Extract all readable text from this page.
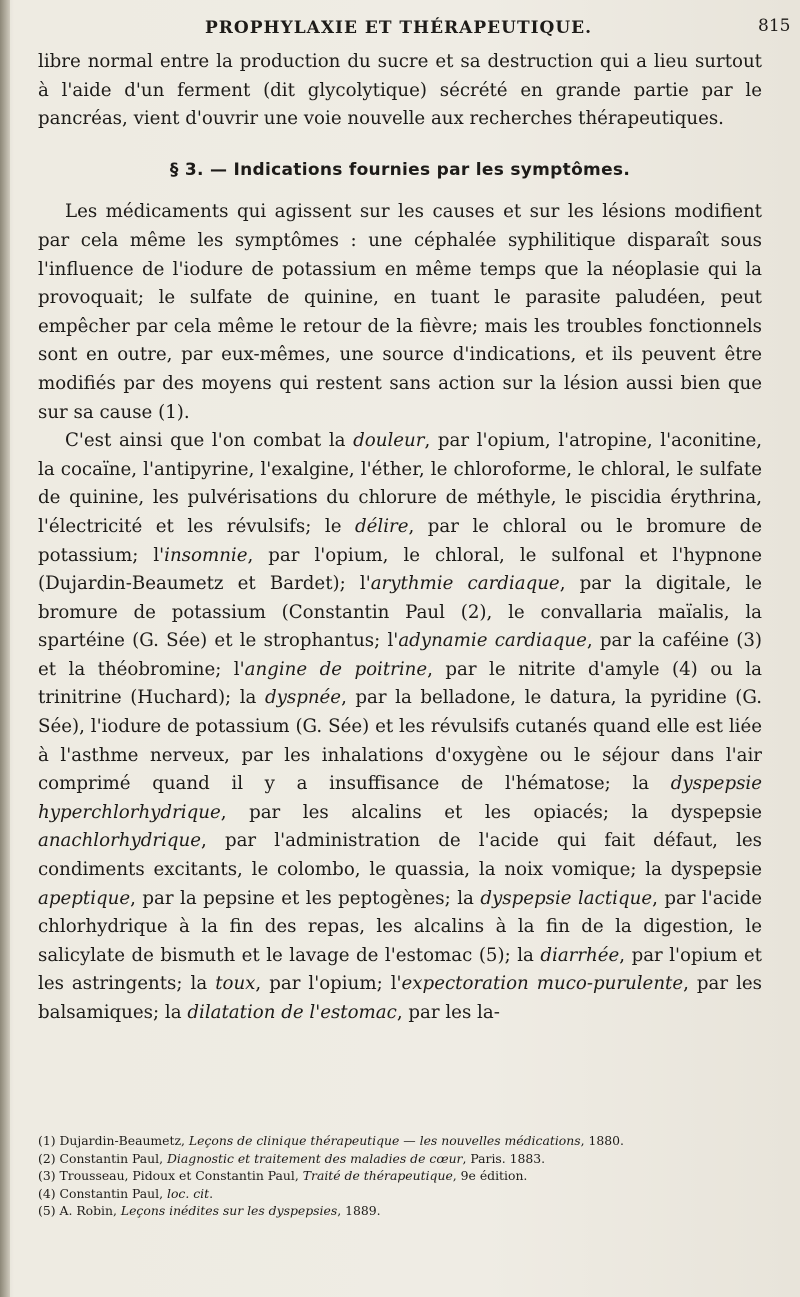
PROPHYLAXIE ET THÉRAPEUTIQUE.	815

libre normal entre la production du sucre et sa destruction qui a lieu surtout à l'aide d'un ferment (dit glycolytique) sécrété en grande partie par le pancréas, vient d'ouvrir une voie nouvelle aux recherches thérapeutiques.

§ 3. — Indications fournies par les symptômes.

Les médicaments qui agissent sur les causes et sur les lésions modifient par cela même les symptômes : une céphalée syphilitique disparaît sous l'influence de l'iodure de potassium en même temps que la néoplasie qui la provoquait; le sulfate de quinine, en tuant le parasite paludéen, peut empêcher par cela même le retour de la fièvre; mais les troubles fonctionnels sont en outre, par eux-mêmes, une source d'indications, et ils peuvent être modifiés par des moyens qui restent sans action sur la lésion aussi bien que sur sa cause (1).

C'est ainsi que l'on combat la douleur, par l'opium, l'atropine, l'aconitine, la cocaïne, l'antipyrine, l'exalgine, l'éther, le chloroforme, le chloral, le sulfate de quinine, les pulvérisations du chlorure de méthyle, le piscidia érythrina, l'électricité et les révulsifs; le délire, par le chloral ou le bromure de potassium; l'insomnie, par l'opium, le chloral, le sulfonal et l'hypnone (Dujardin-Beaumetz et Bardet); l'arythmie cardiaque, par la digitale, le bromure de potassium (Constantin Paul (2), le convallaria maïalis, la spartéine (G. Sée) et le strophantus; l'adynamie cardiaque, par la caféine (3) et la théobromine; l'angine de poitrine, par le nitrite d'amyle (4) ou la trinitrine (Huchard); la dyspnée, par la belladone, le datura, la pyridine (G. Sée), l'iodure de potassium (G. Sée) et les révulsifs cutanés quand elle est liée à l'asthme nerveux, par les inhalations d'oxygène ou le séjour dans l'air comprimé quand il y a insuffisance de l'hématose; la dyspepsie hyperchlorhydrique, par les alcalins et les opiacés; la dyspepsie anachlorhydrique, par l'administration de l'acide qui fait défaut, les condiments excitants, le colombo, le quassia, la noix vomique; la dyspepsie apeptique, par la pepsine et les peptogènes; la dyspepsie lactique, par l'acide chlorhydrique à la fin des repas, les alcalins à la fin de la digestion, le salicylate de bismuth et le lavage de l'estomac (5); la diarrhée, par l'opium et les astringents; la toux, par l'opium; l'expectoration muco-purulente, par les balsamiques; la dilatation de l'estomac, par les la-

(1) Dujardin-Beaumetz, Leçons de clinique thérapeutique — les nouvelles médications, 1880.
(2) Constantin Paul, Diagnostic et traitement des maladies de cœur, Paris. 1883.
(3) Trousseau, Pidoux et Constantin Paul, Traité de thérapeutique, 9e édition.
(4) Constantin Paul, loc. cit.
(5) A. Robin, Leçons inédites sur les dyspepsies, 1889.
